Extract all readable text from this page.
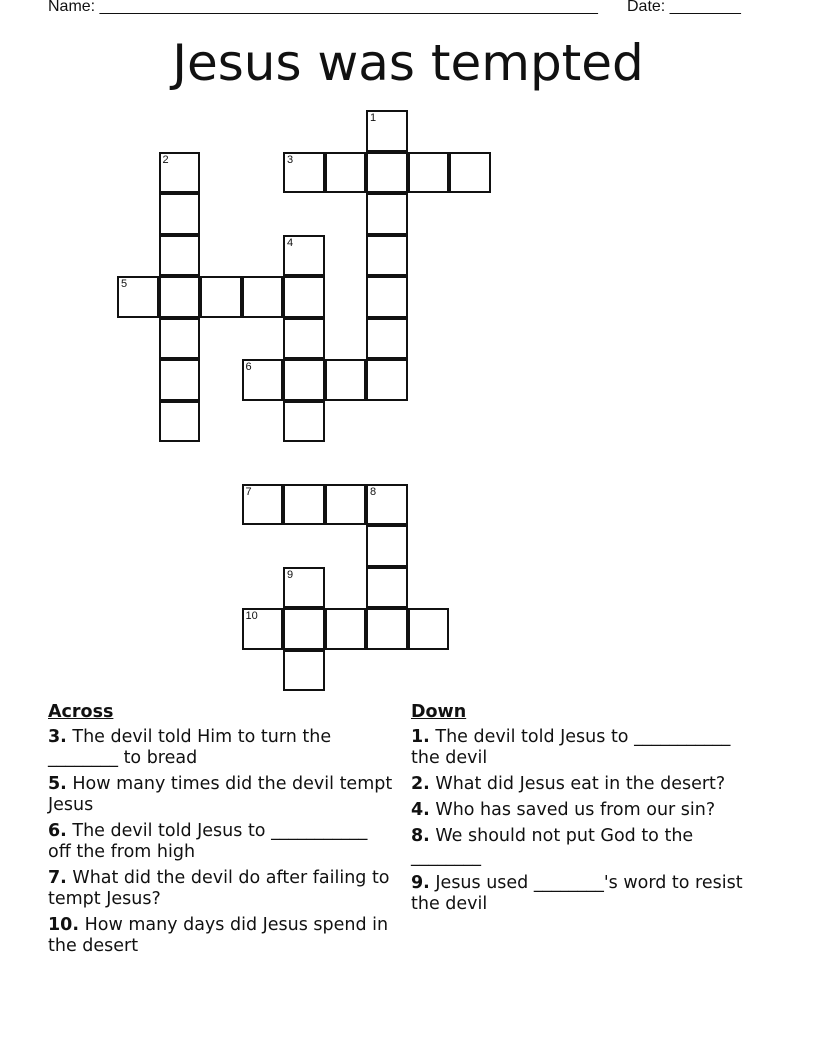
Name: ________________________________________________________ Date: ________
Jesus was tempted
1
2	3
4
5
6
7	8
9
10
Across
3. The devil told Him to turn the ________ to bread
5. How many times did the devil tempt Jesus
6. The devil told Jesus to ___________ off the from high
7. What did the devil do after failing to tempt Jesus?
10. How many days did Jesus spend in the desert
Down
1. The devil told Jesus to ___________ the devil
2. What did Jesus eat in the desert?
4. Who has saved us from our sin?
8. We should not put God to the ________
9. Jesus used ________'s word to resist the devil
